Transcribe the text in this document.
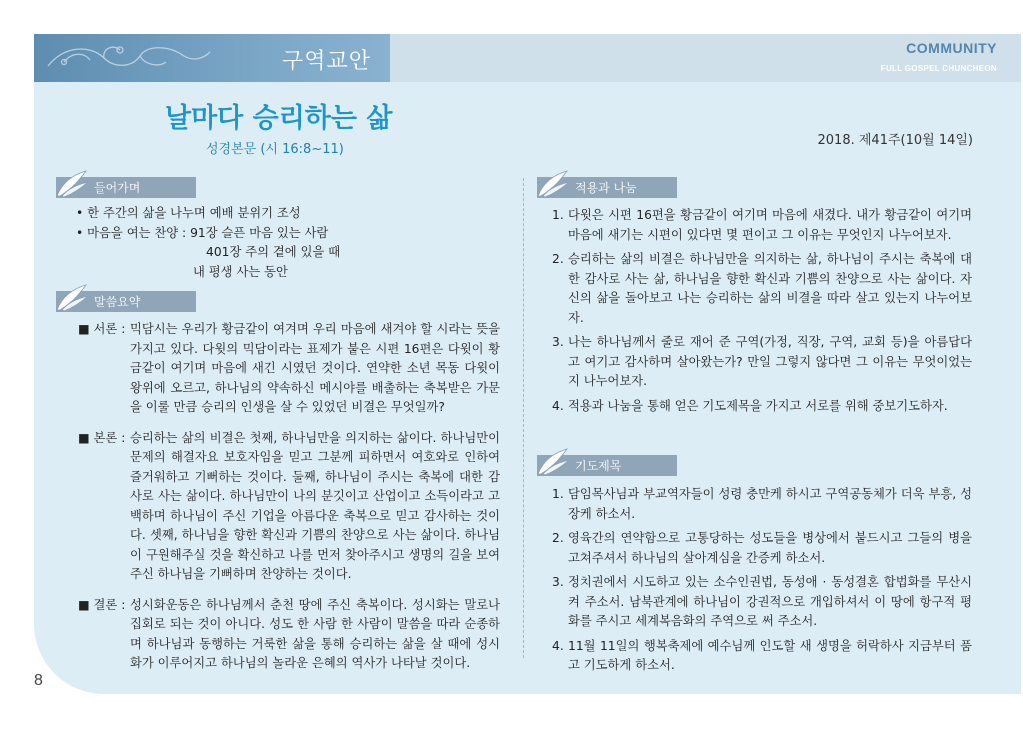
구역교안
COMMUNITY
FULL GOSPEL CHUNCHEON
날마다 승리하는 삶
성경본문 (시 16:8~11)
2018. 제41주(10월 14일)
들어가며
• 한 주간의 삶을 나누며 예배 분위기 조성
• 마음을 여는 찬양 : 91장 슬픈 마음 있는 사람
401장 주의 곁에 있을 때
내 평생 사는 동안
말씀요약
■ 서론 : 믹담시는 우리가 황금같이 여겨며 우리 마음에 새겨야 할 시라는 뜻을 가지고 있다. 다윗의 믹담이라는 표제가 붙은 시편 16편은 다윗이 황금같이 여기며 마음에 새긴 시였던 것이다. 연약한 소년 목동 다윗이 왕위에 오르고, 하나님의 약속하신 메시야를 배출하는 축복받은 가문을 이룰 만큼 승리의 인생을 살 수 있었던 비결은 무엇일까?
■ 본론 : 승리하는 삶의 비결은 첫째, 하나님만을 의지하는 삶이다. 하나님만이 문제의 해결자요 보호자임을 믿고 그분께 피하면서 여호와로 인하여 즐거워하고 기뻐하는 것이다. 둘째, 하나님이 주시는 축복에 대한 감사로 사는 삶이다. 하나님만이 나의 분깃이고 산업이고 소득이라고 고백하며 하나님이 주신 기업을 아름다운 축복으로 믿고 감사하는 것이다. 셋째, 하나님을 향한 확신과 기쁨의 찬양으로 사는 삶이다. 하나님이 구원해주실 것을 확신하고 나를 먼저 찾아주시고 생명의 길을 보여주신 하나님을 기뻐하며 찬양하는 것이다.
■ 결론 : 성시화운동은 하나님께서 춘천 땅에 주신 축복이다. 성시화는 말로나 집회로 되는 것이 아니다. 성도 한 사람 한 사람이 말씀을 따라 순종하며 하나님과 동행하는 거룩한 삶을 통해 승리하는 삶을 살 때에 성시화가 이루어지고 하나님의 놀라운 은혜의 역사가 나타날 것이다.
적용과 나눔
1. 다윗은 시편 16편을 황금같이 여기며 마음에 새겼다. 내가 황금같이 여기며 마음에 새기는 시편이 있다면 몇 편이고 그 이유는 무엇인지 나누어보자.
2. 승리하는 삶의 비결은 하나님만을 의지하는 삶, 하나님이 주시는 축복에 대한 감사로 사는 삶, 하나님을 향한 확신과 기쁨의 찬양으로 사는 삶이다. 자신의 삶을 돌아보고 나는 승리하는 삶의 비결을 따라 살고 있는지 나누어보자.
3. 나는 하나님께서 줄로 재어 준 구역(가정, 직장, 구역, 교회 등)을 아름답다고 여기고 감사하며 살아왔는가? 만일 그렇지 않다면 그 이유는 무엇이었는지 나누어보자.
4. 적용과 나눔을 통해 얻은 기도제목을 가지고 서로를 위해 중보기도하자.
기도제목
1. 담임목사님과 부교역자들이 성령 충만케 하시고 구역공동체가 더욱 부흥, 성장케 하소서.
2. 영육간의 연약함으로 고통당하는 성도들을 병상에서 붙드시고 그들의 병을 고쳐주셔서 하나님의 살아계심을 간증케 하소서.
3. 정치권에서 시도하고 있는 소수인권법, 동성애 · 동성결혼 합법화를 무산시켜 주소서. 남북관계에 하나님이 강권적으로 개입하셔서 이 땅에 항구적 평화를 주시고 세계복음화의 주역으로 써 주소서.
4. 11월 11일의 행복축제에 예수님께 인도할 새 생명을 허락하사 지금부터 품고 기도하게 하소서.
8
